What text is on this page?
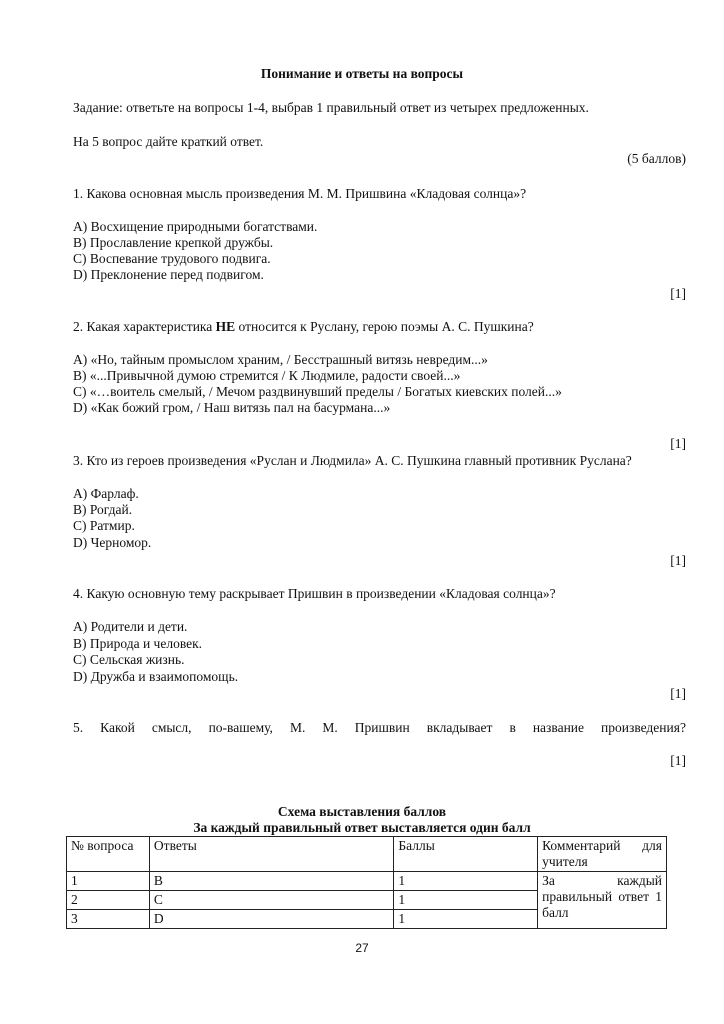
Понимание и ответы на вопросы
Задание: ответьте на вопросы 1-4, выбрав 1 правильный ответ из четырех предложенных.
На 5 вопрос дайте краткий ответ.
(5 баллов)
1. Какова основная мысль произведения М. М. Пришвина «Кладовая солнца»?
A) Восхищение природными богатствами.
B) Прославление крепкой дружбы.
C) Воспевание трудового подвига.
D) Преклонение перед подвигом.
[1]
2. Какая характеристика НЕ относится к Руслану, герою поэмы А. С. Пушкина?
A) «Но, тайным промыслом храним, / Бесстрашный витязь невредим...»
B) «...Привычной думою стремится / К Людмиле, радости своей...»
C) «…воитель смелый, / Мечом раздвинувший пределы / Богатых киевских полей...»
D) «Как божий гром, / Наш витязь пал на басурмана...»
[1]
3. Кто из героев произведения «Руслан и Людмила» А. С. Пушкина главный противник Руслана?
A) Фарлаф.
B) Рогдай.
C) Ратмир.
D) Черномор.
[1]
4. Какую основную тему раскрывает Пришвин в произведении «Кладовая солнца»?
A) Родители и дети.
B) Природа и человек.
C) Сельская жизнь.
D) Дружба и взаимопомощь.
[1]
5. Какой смысл, по-вашему, М. М. Пришвин вкладывает в название произведения?
[1]
Схема выставления баллов
За каждый правильный ответ выставляется один балл
№ вопроса	Ответы	Баллы	Комментарий для учителя
1	B	1	За каждый правильный ответ 1 балл
2	C	1	
3	D	1	
27
